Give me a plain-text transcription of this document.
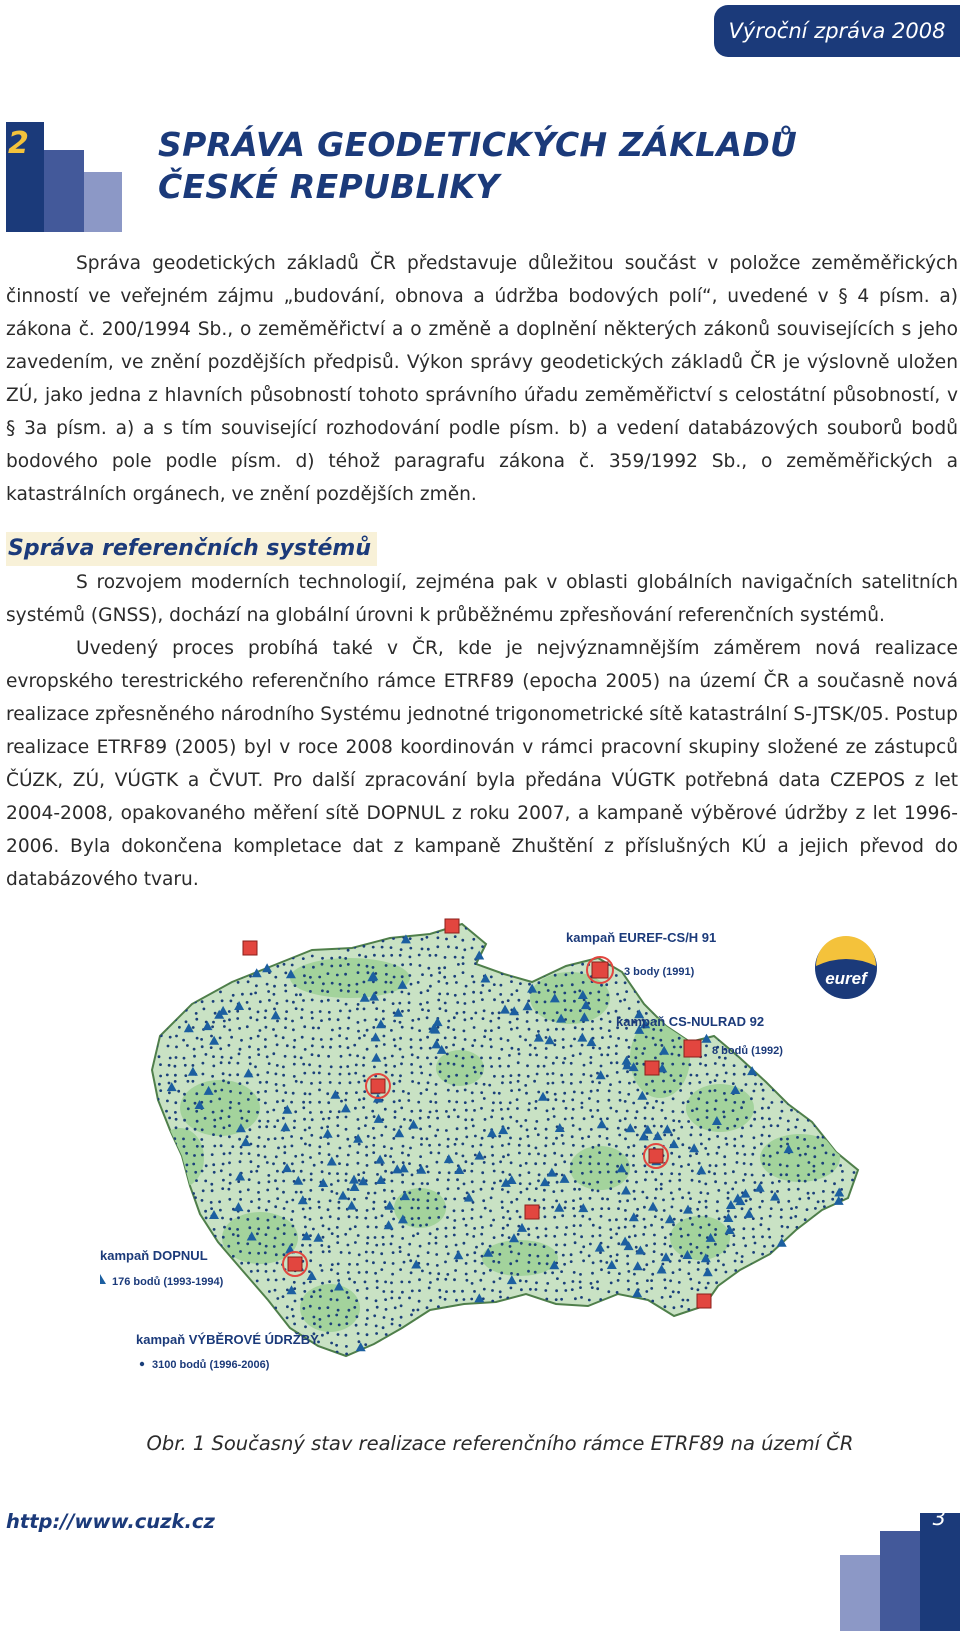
Výroční zpráva 2008
2	SPRÁVA GEODETICKÝCH ZÁKLADŮ
ČESKÉ REPUBLIKY

Správa geodetických základů ČR představuje důležitou součást v položce zeměměřických činností ve veřejném zájmu „budování, obnova a údržba bodových polí“, uvedené v § 4 písm. a) zákona č. 200/1994 Sb., o zeměměřictví a o změně a doplnění některých zákonů souvisejících s jeho zavedením, ve znění pozdějších předpisů. Výkon správy geodetických základů ČR je výslovně uložen ZÚ, jako jedna z hlavních působností tohoto správního úřadu zeměměřictví s celostátní působností, v § 3a písm. a) a s tím související rozhodování podle písm. b) a vedení databázových souborů bodů bodového pole podle písm. d) téhož paragrafu zákona č. 359/1992 Sb., o zeměměřických a katastrálních orgánech, ve znění pozdějších změn.

Správa referenčních systémů

S rozvojem moderních technologií, zejména pak v oblasti globálních navigačních satelitních systémů (GNSS), dochází na globální úrovni k průběžnému zpřesňování referenčních systémů.

Uvedený proces probíhá také v ČR, kde je nejvýznamnějším záměrem nová realizace evropského terestrického referenčního rámce ETRF89 (epocha 2005) na území ČR a současně nová realizace zpřesněného národního Systému jednotné trigonometrické sítě katastrální S-JTSK/05. Postup realizace ETRF89 (2005) byl v roce 2008 koordinován v rámci pracovní skupiny složené ze zástupců ČÚZK, ZÚ, VÚGTK a ČVUT. Pro další zpracování byla předána VÚGTK potřebná data CZEPOS z let 2004-2008, opakovaného měření sítě DOPNUL z roku 2007, a kampaně výběrové údržby z let 1996-2006. Byla dokončena kompletace dat z kampaně Zhuštění z příslušných KÚ a jejich převod do databázového tvaru.

kampaň EUREF-CS/H 91
3 body (1991)
kampaň CS-NULRAD 92
8 bodů (1992)
euref
kampaň DOPNUL
176 bodů (1993-1994)
kampaň VÝBĚROVÉ ÚDRŽBY
3100 bodů (1996-2006)
Obr. 1 Současný stav realizace referenčního rámce ETRF89 na území ČR
http://www.cuzk.cz	3
